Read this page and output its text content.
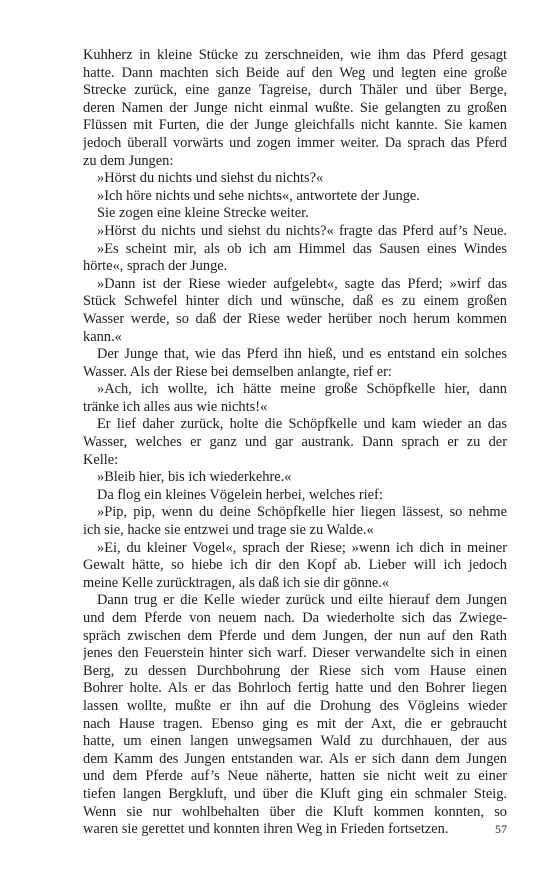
Kuhherz in kleine Stücke zu zerschneiden, wie ihm das Pferd gesagt
hatte. Dann machten sich Beide auf den Weg und legten eine große
Strecke zurück, eine ganze Tagreise, durch Thäler und über Berge,
deren Namen der Junge nicht einmal wußte. Sie gelangten zu großen
Flüssen mit Furten, die der Junge gleichfalls nicht kannte. Sie kamen
jedoch überall vorwärts und zogen immer weiter. Da sprach das Pferd
zu dem Jungen:
»Hörst du nichts und siehst du nichts?«
»Ich höre nichts und sehe nichts«, antwortete der Junge.
Sie zogen eine kleine Strecke weiter.
»Hörst du nichts und siehst du nichts?« fragte das Pferd auf’s Neue.
»Es scheint mir, als ob ich am Himmel das Sausen eines Windes
hörte«, sprach der Junge.
»Dann ist der Riese wieder aufgelebt«, sagte das Pferd; »wirf das
Stück Schwefel hinter dich und wünsche, daß es zu einem großen
Wasser werde, so daß der Riese weder herüber noch herum kommen
kann.«
Der Junge that, wie das Pferd ihn hieß, und es entstand ein solches
Wasser. Als der Riese bei demselben anlangte, rief er:
»Ach, ich wollte, ich hätte meine große Schöpfkelle hier, dann
tränke ich alles aus wie nichts!«
Er lief daher zurück, holte die Schöpfkelle und kam wieder an das
Wasser, welches er ganz und gar austrank. Dann sprach er zu der
Kelle:
»Bleib hier, bis ich wiederkehre.«
Da flog ein kleines Vögelein herbei, welches rief:
»Pip, pip, wenn du deine Schöpfkelle hier liegen lässest, so nehme
ich sie, hacke sie entzwei und trage sie zu Walde.«
»Ei, du kleiner Vogel«, sprach der Riese; »wenn ich dich in meiner
Gewalt hätte, so hiebe ich dir den Kopf ab. Lieber will ich jedoch
meine Kelle zurücktragen, als daß ich sie dir gönne.«
Dann trug er die Kelle wieder zurück und eilte hierauf dem Jungen
und dem Pferde von neuem nach. Da wiederholte sich das Zwiege-
spräch zwischen dem Pferde und dem Jungen, der nun auf den Rath
jenes den Feuerstein hinter sich warf. Dieser verwandelte sich in einen
Berg, zu dessen Durchbohrung der Riese sich vom Hause einen
Bohrer holte. Als er das Bohrloch fertig hatte und den Bohrer liegen
lassen wollte, mußte er ihn auf die Drohung des Vögleins wieder
nach Hause tragen. Ebenso ging es mit der Axt, die er gebraucht
hatte, um einen langen unwegsamen Wald zu durchhauen, der aus
dem Kamm des Jungen entstanden war. Als er sich dann dem Jungen
und dem Pferde auf’s Neue näherte, hatten sie nicht weit zu einer
tiefen langen Bergkluft, und über die Kluft ging ein schmaler Steig.
Wenn sie nur wohlbehalten über die Kluft kommen konnten, so
waren sie gerettet und konnten ihren Weg in Frieden fortsetzen.	57
